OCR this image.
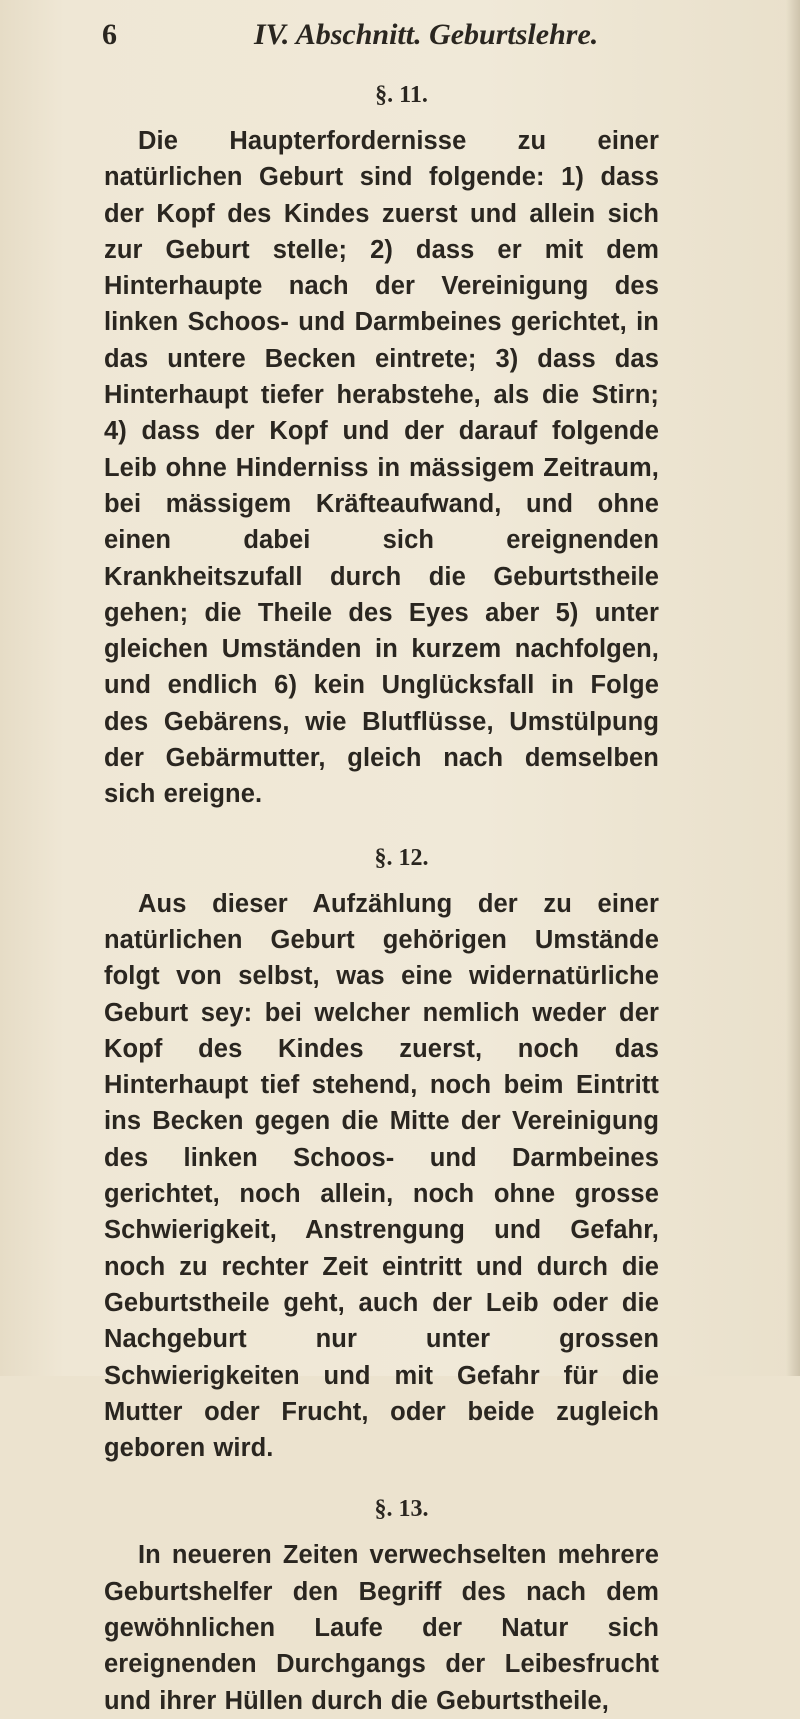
6	IV. Abschnitt. Geburtslehre.
§. 11.

Die Haupterfordernisse zu einer natürlichen Geburt sind folgende: 1) dass der Kopf des Kindes zuerst und allein sich zur Geburt stelle; 2) dass er mit dem Hinterhaupte nach der Vereinigung des linken Schoos- und Darmbeines gerichtet, in das untere Becken eintrete; 3) dass das Hinterhaupt tiefer herabstehe, als die Stirn; 4) dass der Kopf und der darauf folgende Leib ohne Hinderniss in mässigem Zeitraum, bei mässigem Kräfteaufwand, und ohne einen dabei sich ereignenden Krankheitszufall durch die Geburtstheile gehen; die Theile des Eyes aber 5) unter gleichen Umständen in kurzem nachfolgen, und endlich 6) kein Unglücksfall in Folge des Gebärens, wie Blutflüsse, Umstülpung der Gebärmutter, gleich nach demselben sich ereigne.

§. 12.

Aus dieser Aufzählung der zu einer natürlichen Geburt gehörigen Umstände folgt von selbst, was eine widernatürliche Geburt sey: bei welcher nemlich weder der Kopf des Kindes zuerst, noch das Hinterhaupt tief stehend, noch beim Eintritt ins Becken gegen die Mitte der Vereinigung des linken Schoos- und Darmbeines gerichtet, noch allein, noch ohne grosse Schwierigkeit, Anstrengung und Gefahr, noch zu rechter Zeit eintritt und durch die Geburtstheile geht, auch der Leib oder die Nachgeburt nur unter grossen Schwierigkeiten und mit Gefahr für die Mutter oder Frucht, oder beide zugleich geboren wird.

§. 13.

In neueren Zeiten verwechselten mehrere Geburtshelfer den Begriff des nach dem gewöhnlichen Laufe der Natur sich ereignenden Durchgangs der Leibesfrucht und ihrer Hüllen durch die Geburtstheile,
